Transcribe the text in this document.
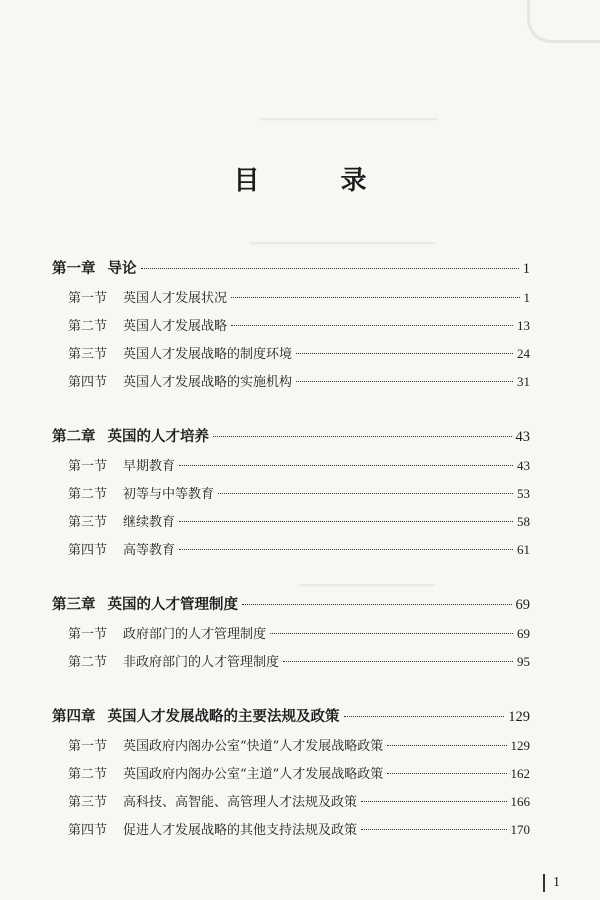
━━━━━━━━━━━━━━━━━━━━━
━━━━━━━━━━━━━━━━━━━━━━
━━━━━━━━━━━━━━━━
目 录
第一章 导论	1
第一节 英国人才发展状况	1
第二节 英国人才发展战略	13
第三节 英国人才发展战略的制度环境	24
第四节 英国人才发展战略的实施机构	31
第二章 英国的人才培养	43
第一节 早期教育	43
第二节 初等与中等教育	53
第三节 继续教育	58
第四节 高等教育	61
第三章 英国的人才管理制度	69
第一节 政府部门的人才管理制度	69
第二节 非政府部门的人才管理制度	95
第四章 英国人才发展战略的主要法规及政策	129
第一节 英国政府内阁办公室“快道”人才发展战略政策	129
第二节 英国政府内阁办公室“主道”人才发展战略政策	162
第三节 高科技、高智能、高管理人才法规及政策	166
第四节 促进人才发展战略的其他支持法规及政策	170
1
